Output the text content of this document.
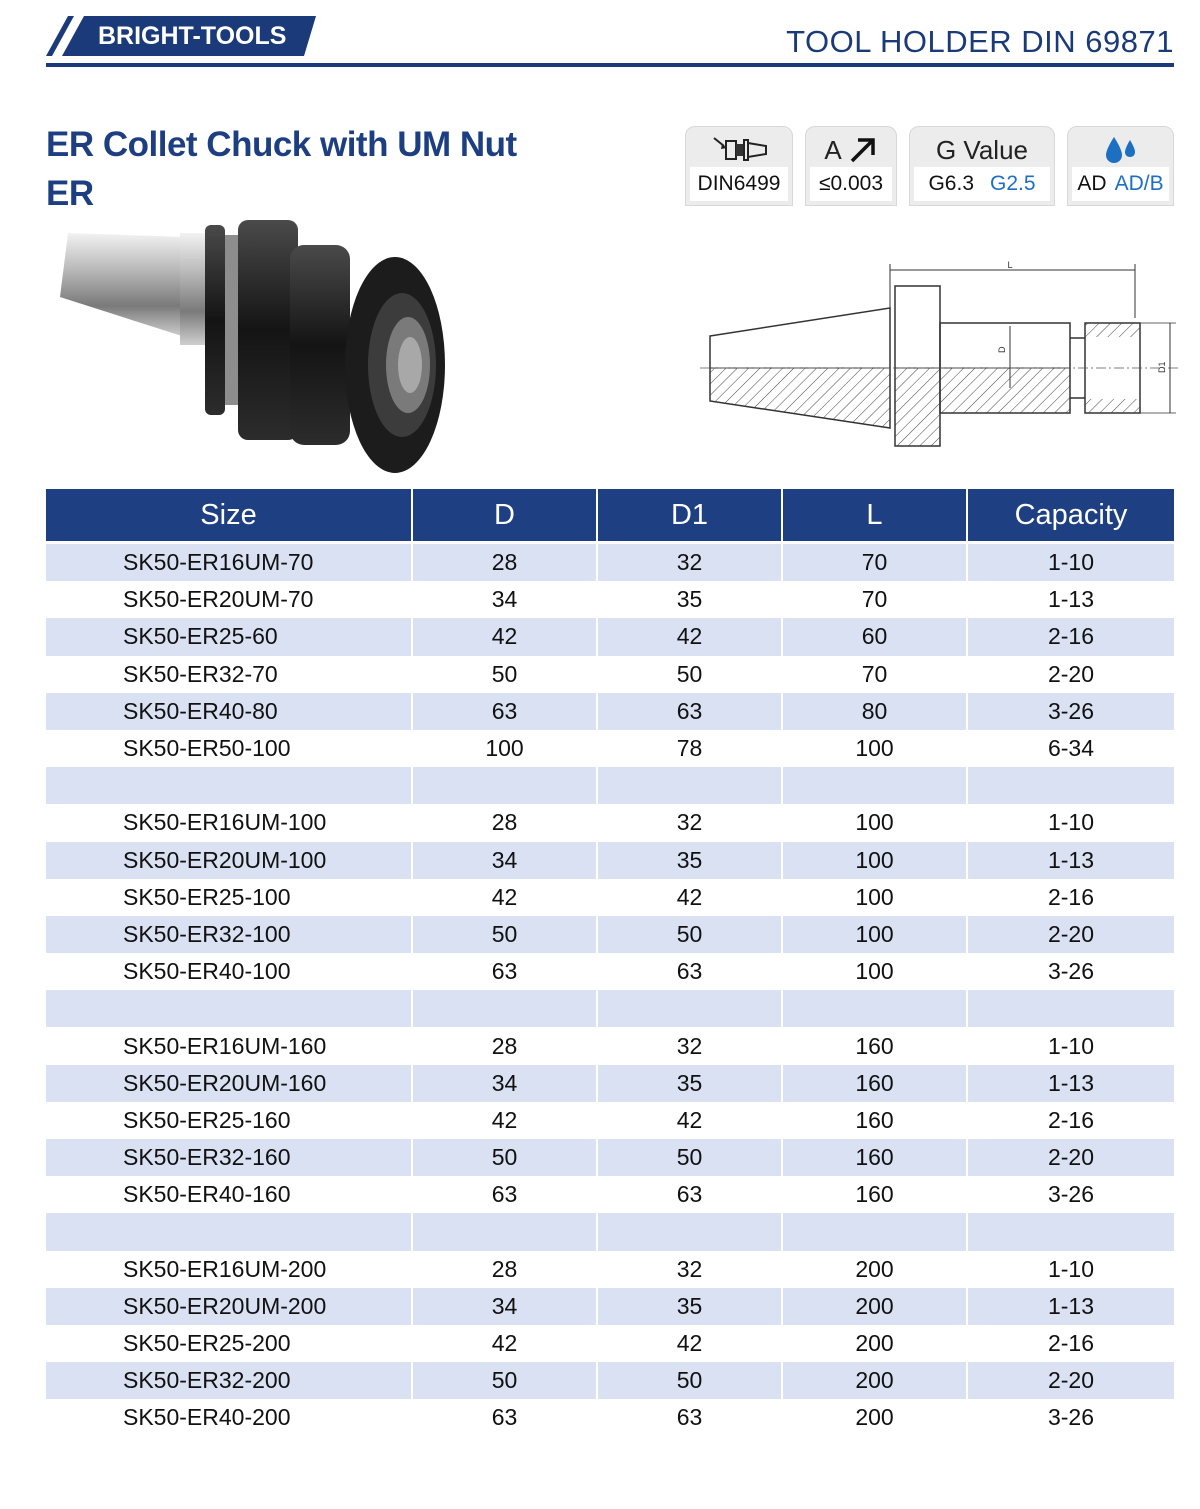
BRIGHT-TOOLS	TOOL HOLDER DIN 69871
ER Collet Chuck with UM Nut
ER	DIN6499
A
≤0.003
G Value
G6.3 G2.5 AD AD/B
L
D
D1
Size	D	D1	L	Capacity
SK50-ER16UM-70	28	32	70	1-10
SK50-ER20UM-70	34	35	70	1-13
SK50-ER25-60	42	42	60	2-16
SK50-ER32-70	50	50	70	2-20
SK50-ER40-80	63	63	80	3-26
SK50-ER50-100	100	78	100	6-34

SK50-ER16UM-100	28	32	100	1-10
SK50-ER20UM-100	34	35	100	1-13
SK50-ER25-100	42	42	100	2-16
SK50-ER32-100	50	50	100	2-20
SK50-ER40-100	63	63	100	3-26

SK50-ER16UM-160	28	32	160	1-10
SK50-ER20UM-160	34	35	160	1-13
SK50-ER25-160	42	42	160	2-16
SK50-ER32-160	50	50	160	2-20
SK50-ER40-160	63	63	160	3-26

SK50-ER16UM-200	28	32	200	1-10
SK50-ER20UM-200	34	35	200	1-13
SK50-ER25-200	42	42	200	2-16
SK50-ER32-200	50	50	200	2-20
SK50-ER40-200	63	63	200	3-26
